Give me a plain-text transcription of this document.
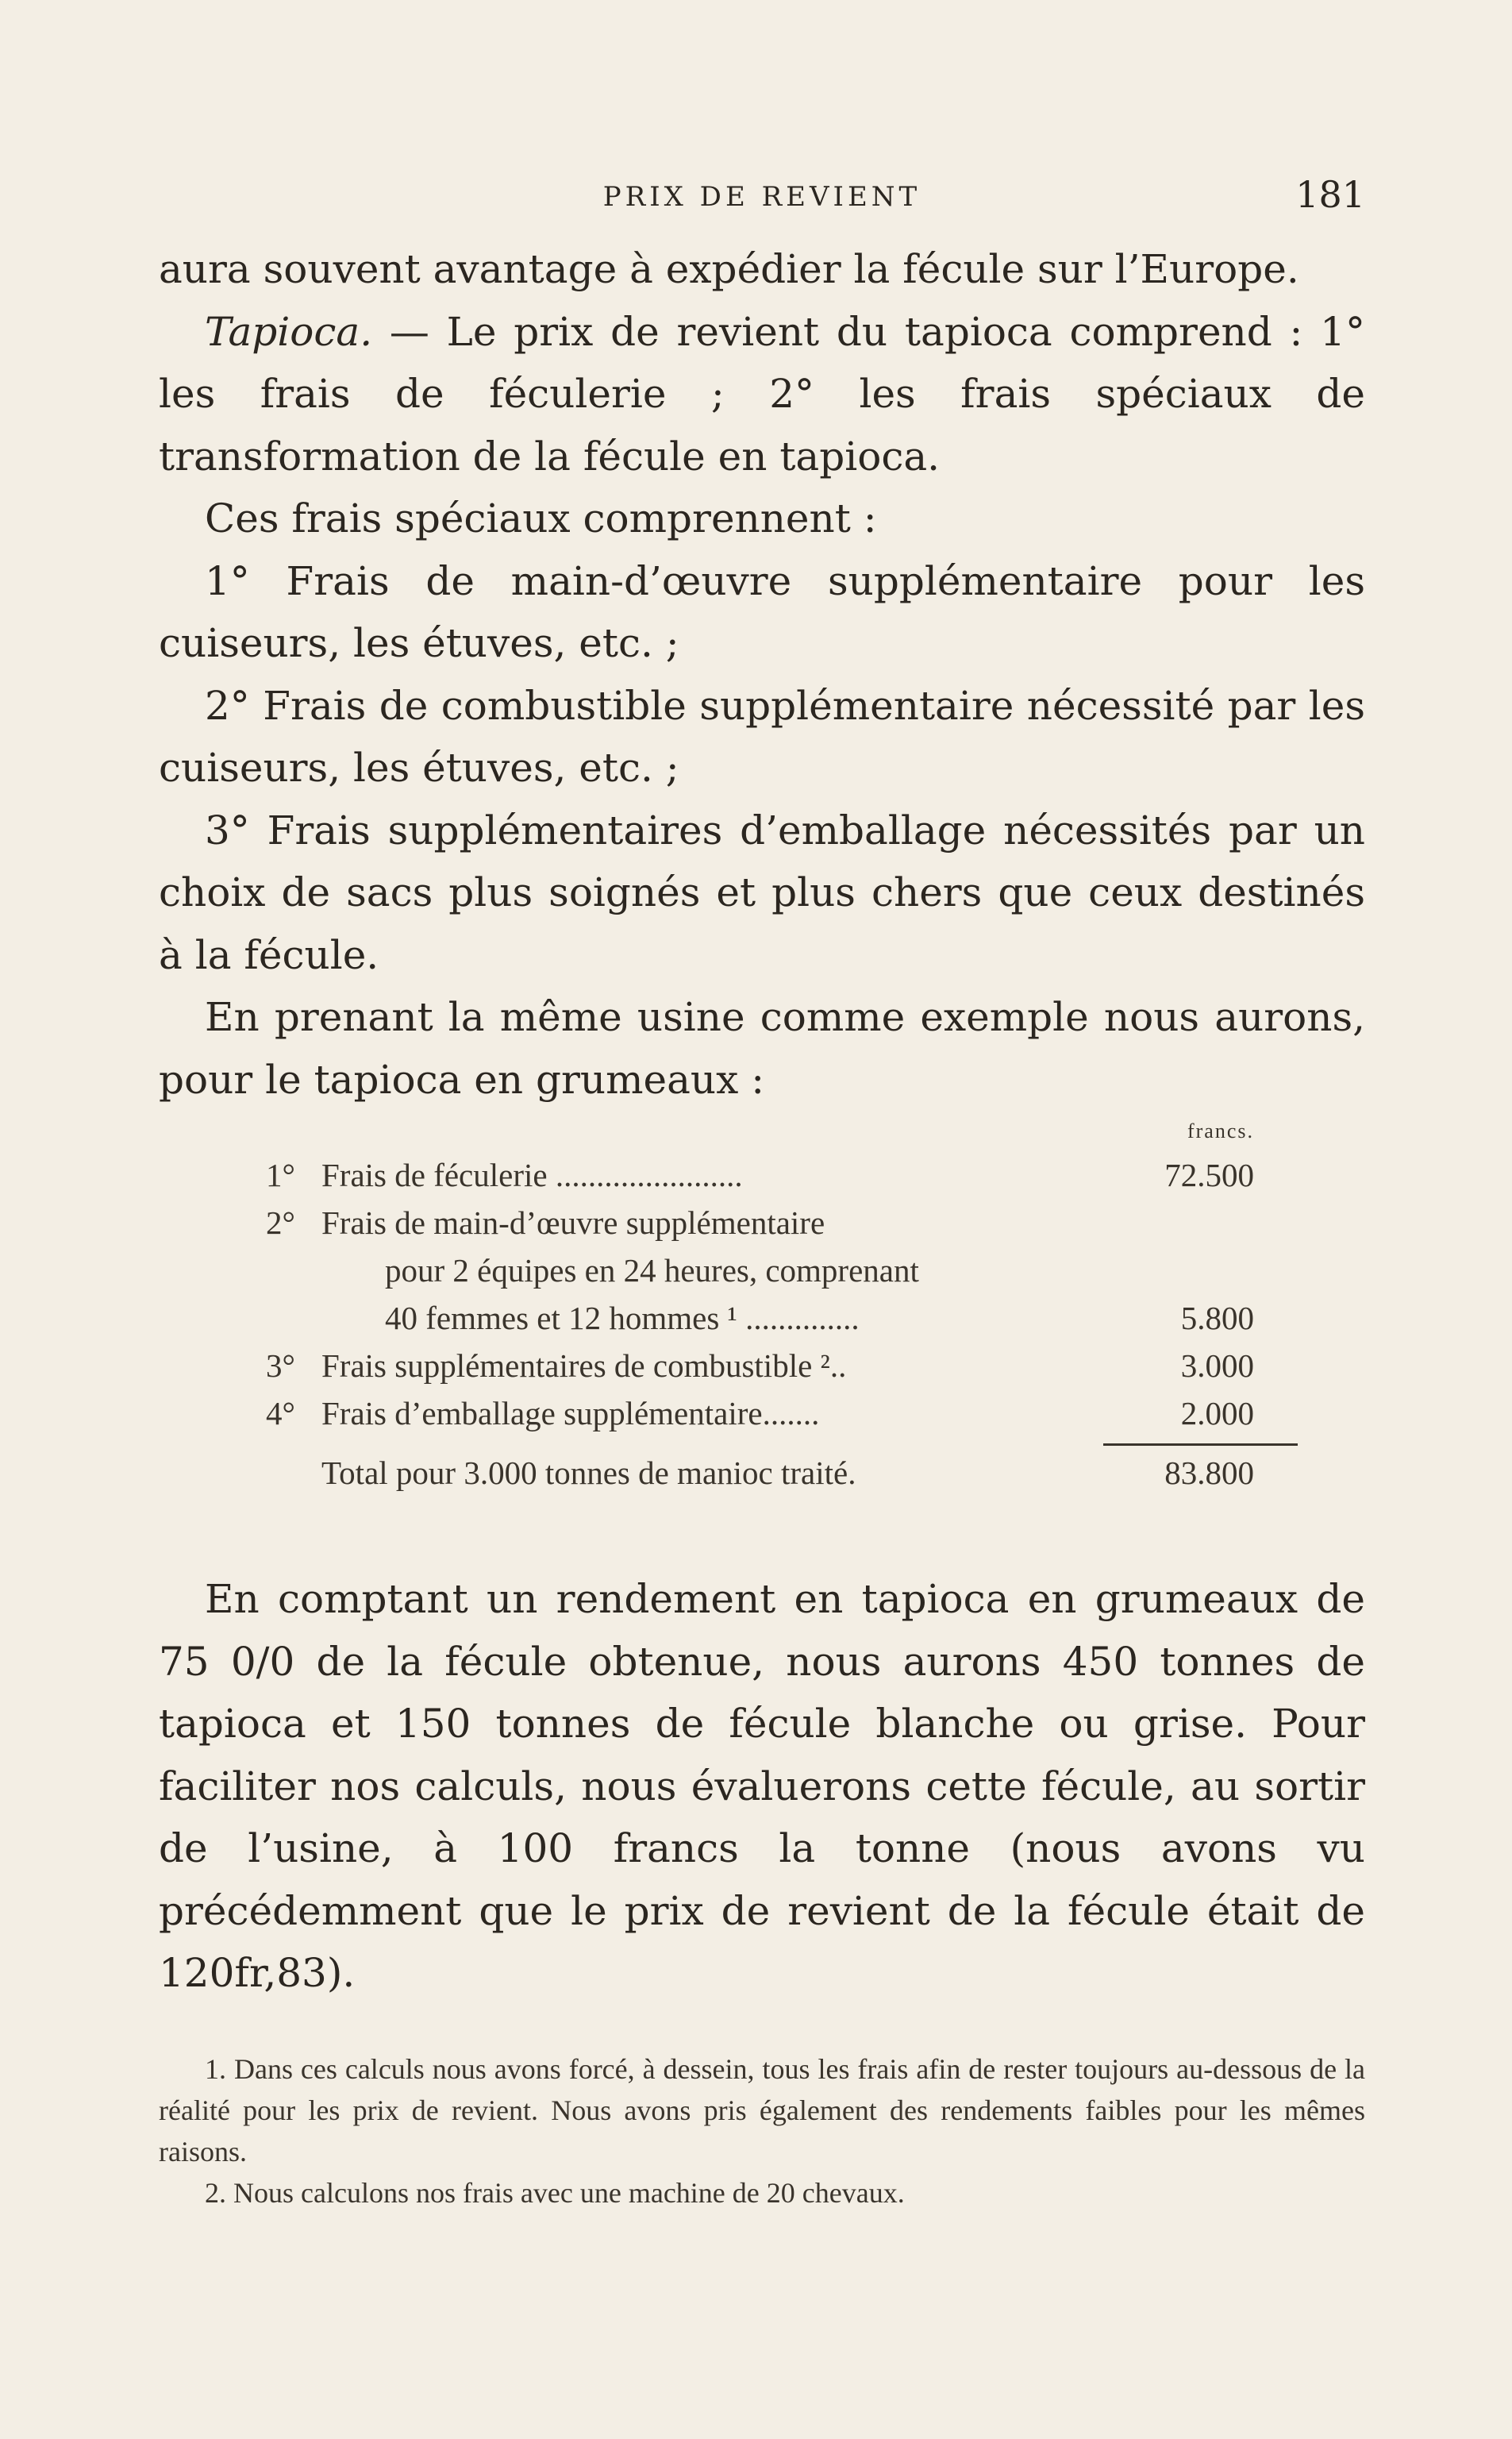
PRIX DE REVIENT	181

aura souvent avantage à expédier la fécule sur l’Europe.

Tapioca. — Le prix de revient du tapioca comprend : 1° les frais de féculerie ; 2° les frais spéciaux de transformation de la fécule en tapioca.

Ces frais spéciaux comprennent :

1° Frais de main-d’œuvre supplémentaire pour les cuiseurs, les étuves, etc. ;

2° Frais de combustible supplémentaire nécessité par les cuiseurs, les étuves, etc. ;

3° Frais supplémentaires d’emballage nécessités par un choix de sacs plus soignés et plus chers que ceux destinés à la fécule.

En prenant la même usine comme exemple nous aurons, pour le tapioca en grumeaux :

francs.
1° Frais de féculerie .......................	72.500
2° Frais de main-d’œuvre supplémentaire
pour 2 équipes en 24 heures, comprenant
40 femmes et 12 hommes ¹ ..............	5.800
3° Frais supplémentaires de combustible ²..	3.000
4° Frais d’emballage supplémentaire.......	2.000
Total pour 3.000 tonnes de manioc traité.	83.800

En comptant un rendement en tapioca en grumeaux de 75 0/0 de la fécule obtenue, nous aurons 450 tonnes de tapioca et 150 tonnes de fécule blanche ou grise. Pour faciliter nos calculs, nous évaluerons cette fécule, au sortir de l’usine, à 100 francs la tonne (nous avons vu précédemment que le prix de revient de la fécule était de 120fr,83).

1. Dans ces calculs nous avons forcé, à dessein, tous les frais afin de rester toujours au-dessous de la réalité pour les prix de revient. Nous avons pris également des rendements faibles pour les mêmes raisons.

2. Nous calculons nos frais avec une machine de 20 chevaux.
